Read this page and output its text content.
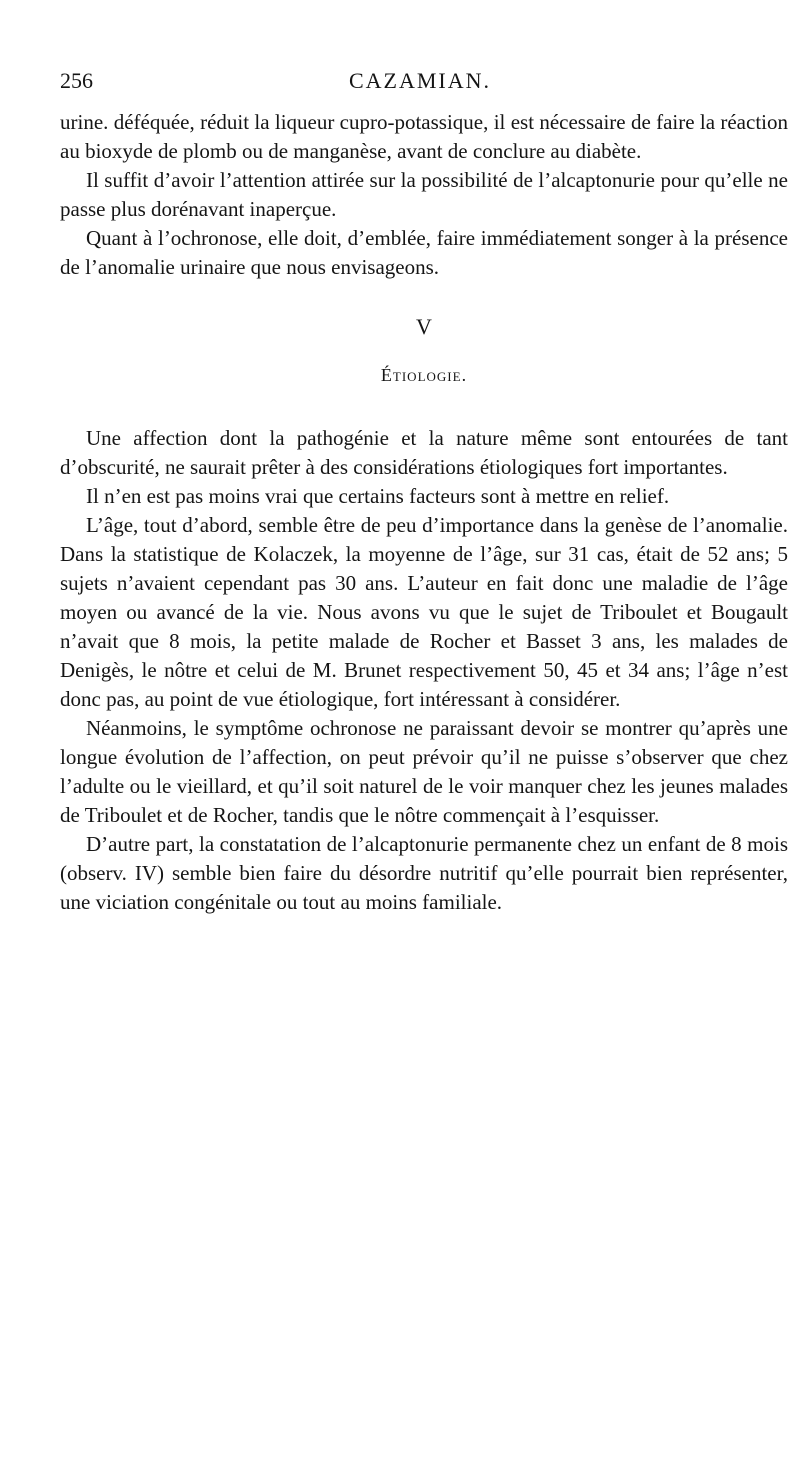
256	CAZAMIAN.

urine. déféquée, réduit la liqueur cupro-potassique, il est nécessaire de faire la réaction au bioxyde de plomb ou de manganèse, avant de conclure au diabète.

Il suffit d’avoir l’attention attirée sur la possibilité de l’alcaptonurie pour qu’elle ne passe plus dorénavant inaperçue.

Quant à l’ochronose, elle doit, d’emblée, faire immédiatement songer à la présence de l’anomalie urinaire que nous envisageons.

V
Étiologie.

Une affection dont la pathogénie et la nature même sont entourées de tant d’obscurité, ne saurait prêter à des considérations étiologiques fort importantes.

Il n’en est pas moins vrai que certains facteurs sont à mettre en relief.

L’âge, tout d’abord, semble être de peu d’importance dans la genèse de l’anomalie. Dans la statistique de Kolaczek, la moyenne de l’âge, sur 31 cas, était de 52 ans; 5 sujets n’avaient cependant pas 30 ans. L’auteur en fait donc une maladie de l’âge moyen ou avancé de la vie. Nous avons vu que le sujet de Triboulet et Bougault n’avait que 8 mois, la petite malade de Rocher et Basset 3 ans, les malades de Denigès, le nôtre et celui de M. Brunet respectivement 50, 45 et 34 ans; l’âge n’est donc pas, au point de vue étiologique, fort intéressant à considérer.

Néanmoins, le symptôme ochronose ne paraissant devoir se montrer qu’après une longue évolution de l’affection, on peut prévoir qu’il ne puisse s’observer que chez l’adulte ou le vieillard, et qu’il soit naturel de le voir manquer chez les jeunes malades de Triboulet et de Rocher, tandis que le nôtre commençait à l’esquisser.

D’autre part, la constatation de l’alcaptonurie permanente chez un enfant de 8 mois (observ. IV) semble bien faire du désordre nutritif qu’elle pourrait bien représenter, une viciation congénitale ou tout au moins familiale.
